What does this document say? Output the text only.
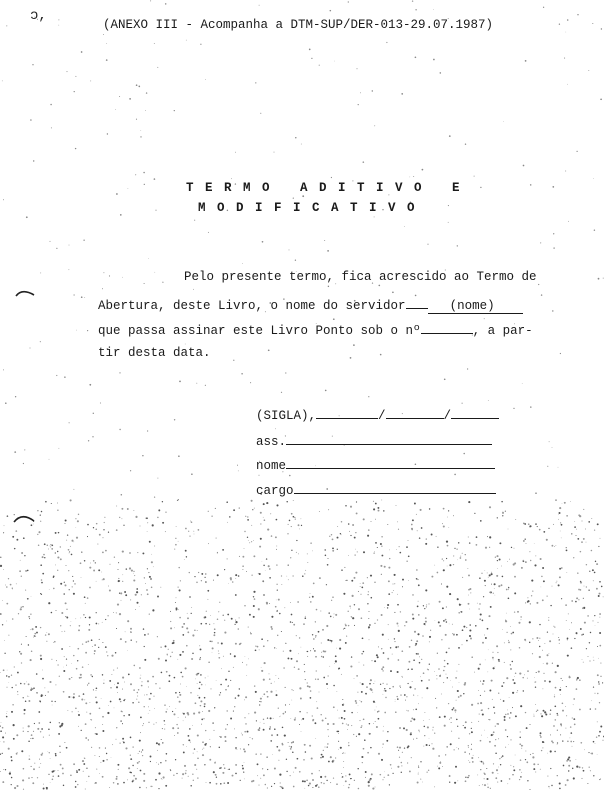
ɔ,
(ANEXO III - Acompanha a DTM-SUP/DER-013-29.07.1987)
TERMO ADITIVO E
MODIFICATIVO
Pelo presente termo, fica acrescido ao Termo de
Abertura, deste Livro, o nome do servidor	(nome)
que passa assinar este Livro Ponto sob o nº	, a par-
tir desta data.
(SIGLA),	/	/
ass.
nome
cargo
